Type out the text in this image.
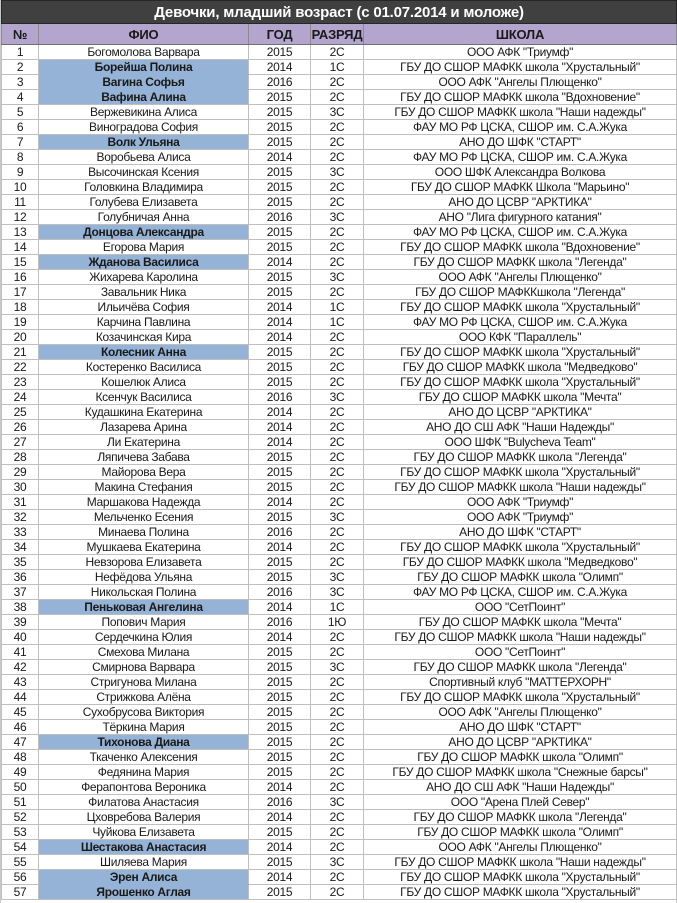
Девочки, младший возраст (с 01.07.2014 и моложе)				
№	ФИО	ГОД	РАЗРЯД	ШКОЛА
1	Богомолова Варвара	2015	2С	ООО АФК "Триумф"
2	Борейша Полина	2014	1С	ГБУ ДО СШОР МАФКК школа "Хрустальный"
3	Вагина Софья	2016	2С	ООО АФК "Ангелы Плющенко"
4	Вафина Алина	2015	2С	ГБУ ДО СШОР МАФКК школа "Вдохновение"
5	Вержевикина Алиса	2015	3С	ГБУ ДО СШОР МАФКК школа "Наши надежды"
6	Виноградова София	2015	2С	ФАУ МО РФ ЦСКА, СШОР им. С.А.Жука
7	Волк Ульяна	2015	2С	АНО ДО ШФК "СТАРТ"
8	Воробьева Алиса	2014	2С	ФАУ МО РФ ЦСКА, СШОР им. С.А.Жука
9	Высочинская Ксения	2015	3С	ООО ШФК Александра Волкова
10	Головкина Владимира	2015	2С	ГБУ ДО СШОР МАФКК Школа "Марьино"
11	Голубева Елизавета	2015	2С	АНО ДО ЦСВР "АРКТИКА"
12	Голубничая Анна	2016	3С	АНО "Лига фигурного катания"
13	Донцова Александра	2015	2С	ФАУ МО РФ ЦСКА, СШОР им. С.А.Жука
14	Егорова Мария	2015	2С	ГБУ ДО СШОР МАФКК школа "Вдохновение"
15	Жданова Василиса	2014	2С	ГБУ ДО СШОР МАФКК школа "Легенда"
16	Жихарева Каролина	2015	3С	ООО АФК "Ангелы Плющенко"
17	Завальник Ника	2015	2С	ГБУ ДО СШОР МАФККшкола "Легенда"
18	Ильичёва София	2014	1С	ГБУ ДО СШОР МАФКК школа "Хрустальный"
19	Карчина Павлина	2014	1С	ФАУ МО РФ ЦСКА, СШОР им. С.А.Жука
20	Козачинская Кира	2014	2С	ООО КФК "Параллель"
21	Колесник Анна	2015	2С	ГБУ ДО СШОР МАФКК школа "Хрустальный"
22	Костеренко Василиса	2015	2С	ГБУ ДО СШОР МАФКК школа "Медведково"
23	Кошелюк Алиса	2015	2С	ГБУ ДО СШОР МАФКК школа "Хрустальный"
24	Ксенчук Василиса	2016	3С	ГБУ ДО СШОР МАФКК школа "Мечта"
25	Кудашкина Екатерина	2014	2С	АНО ДО ЦСВР "АРКТИКА"
26	Лазарева Арина	2014	2С	АНО ДО СШ АФК "Наши Надежды"
27	Ли Екатерина	2014	2С	ООО ШФК "Bulycheva Team"
28	Ляпичева Забава	2015	2С	ГБУ ДО СШОР МАФКК школа "Легенда"
29	Майорова Вера	2015	2С	ГБУ ДО СШОР МАФКК школа "Хрустальный"
30	Макина Стефания	2015	2С	ГБУ ДО СШОР МАФКК школа "Наши надежды"
31	Маршакова Надежда	2014	2С	ООО АФК "Триумф"
32	Мельченко Есения	2015	3С	ООО АФК "Триумф"
33	Минаева Полина	2016	2С	АНО ДО ШФК "СТАРТ"
34	Мушкаева Екатерина	2014	2С	ГБУ ДО СШОР МАФКК школа "Хрустальный"
35	Невзорова Елизавета	2015	2С	ГБУ ДО СШОР МАФКК школа "Медведково"
36	Нефёдова Ульяна	2015	3С	ГБУ ДО СШОР МАФКК школа "Олимп"
37	Никольская Полина	2016	3С	ФАУ МО РФ ЦСКА, СШОР им. С.А.Жука
38	Пеньковая Ангелина	2014	1С	ООО "СетПоинт"
39	Попович Мария	2016	1Ю	ГБУ ДО СШОР МАФКК школа "Мечта"
40	Сердечкина Юлия	2014	2С	ГБУ ДО СШОР МАФКК школа "Наши надежды"
41	Смехова Милана	2015	2С	ООО "СетПоинт"
42	Смирнова Варвара	2015	3С	ГБУ ДО СШОР МАФКК школа "Легенда"
43	Стригунова Милана	2015	2С	Спортивный клуб "МАТТЕРХОРН"
44	Стрижкова Алёна	2015	2С	ГБУ ДО СШОР МАФКК школа "Хрустальный"
45	Сухобрусова Виктория	2015	2С	ООО АФК "Ангелы Плющенко"
46	Тёркина Мария	2015	2С	АНО ДО ШФК "СТАРТ"
47	Тихонова Диана	2015	2С	АНО ДО ЦСВР "АРКТИКА"
48	Ткаченко Алексения	2015	2С	ГБУ ДО СШОР МАФКК школа "Олимп"
49	Федянина Мария	2015	2С	ГБУ ДО СШОР МАФКК школа "Снежные барсы"
50	Ферапонтова Вероника	2014	2С	АНО ДО СШ АФК "Наши Надежды"
51	Филатова Анастасия	2016	3С	ООО "Арена Плей Север"
52	Цховребова Валерия	2014	2С	ГБУ ДО СШОР МАФКК школа "Легенда"
53	Чуйкова Елизавета	2015	2С	ГБУ ДО СШОР МАФКК школа "Олимп"
54	Шестакова Анастасия	2014	2С	ООО АФК "Ангелы Плющенко"
55	Шиляева Мария	2015	3С	ГБУ ДО СШОР МАФКК школа "Наши надежды"
56	Эрен Алиса	2014	2С	ГБУ ДО СШОР МАФКК школа "Хрустальный"
57	Ярошенко Аглая	2015	2С	ГБУ ДО СШОР МАФКК школа "Хрустальный"
